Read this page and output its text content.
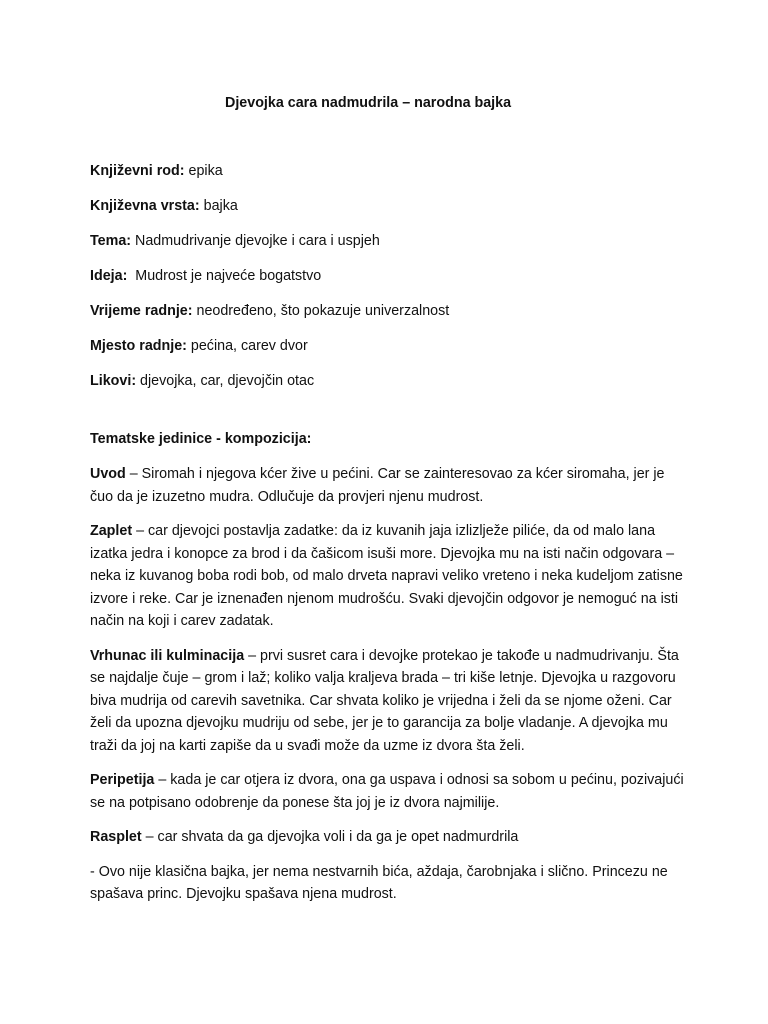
Djevojka cara nadmudrila – narodna bajka

Književni rod: epika

Književna vrsta: bajka

Tema: Nadmudrivanje djevojke i cara i uspjeh

Ideja:  Mudrost je najveće bogatstvo

Vrijeme radnje: neodređeno, što pokazuje univerzalnost

Mjesto radnje: pećina, carev dvor

Likovi: djevojka, car, djevojčin otac

Tematske jedinice - kompozicija:

Uvod – Siromah i njegova kćer žive u pećini. Car se zainteresovao za kćer siromaha, jer je čuo da je izuzetno mudra. Odlučuje da provjeri njenu mudrost.

Zaplet – car djevojci postavlja zadatke: da iz kuvanih jaja izlizlježe piliće, da od malo lana izatka jedra i konopce za brod i da čašicom isuši more. Djevojka mu na isti način odgovara – neka iz kuvanog boba rodi bob, od malo drveta napravi veliko vreteno i neka kudeljom zatisne izvore i reke. Car je iznenađen njenom mudrošću. Svaki djevojčin odgovor je nemoguć na isti način na koji i carev zadatak.

Vrhunac ili kulminacija – prvi susret cara i devojke protekao je takođe u nadmudrivanju. Šta se najdalje čuje – grom i laž; koliko valja kraljeva brada – tri kiše letnje. Djevojka u razgovoru biva mudrija od carevih savetnika. Car shvata koliko je vrijedna i želi da se njome oženi. Car želi da upozna djevojku mudriju od sebe, jer je to garancija za bolje vladanje. A djevojka mu traži da joj na karti zapiše da u svađi može da uzme iz dvora šta želi.

Peripetija – kada je car otjera iz dvora, ona ga uspava i odnosi sa sobom u pećinu, pozivajući se na potpisano odobrenje da ponese šta joj je iz dvora najmilije.

Rasplet – car shvata da ga djevojka voli i da ga je opet nadmurdrila

- Ovo nije klasična bajka, jer nema nestvarnih bića, aždaja, čarobnjaka i slično. Princezu ne spašava princ. Djevojku spašava njena mudrost.
